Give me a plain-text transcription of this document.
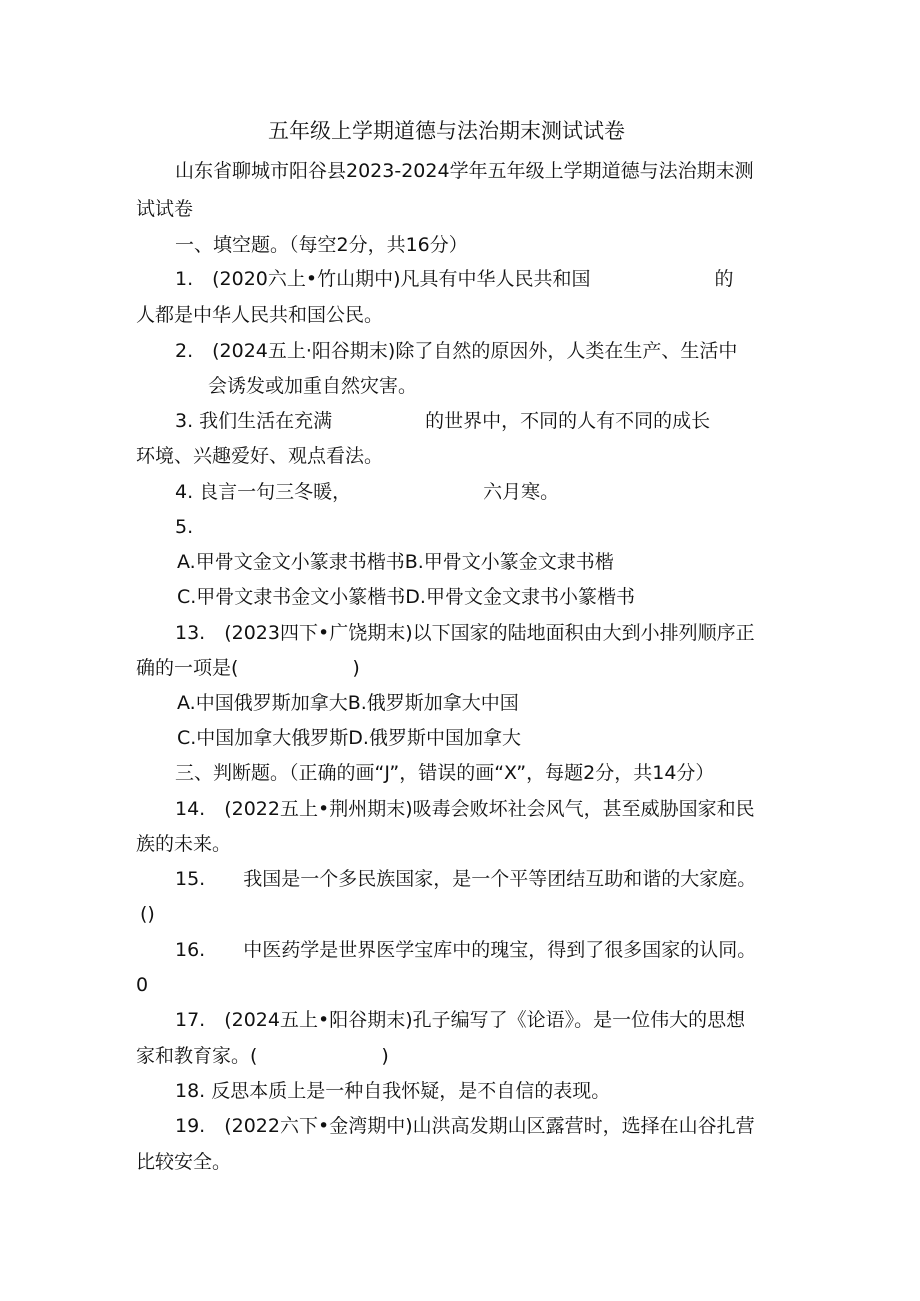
五年级上学期道德与法治期末测试试卷
山东省聊城市阳谷县2023-2024学年五年级上学期道德与法治期末测
试试卷
一、填空题。（每空2分，共16分）
1.　(2020六上•竹山期中)凡具有中华人民共和国	的
人都是中华人民共和国公民。
2.　(2024五上·阳谷期末)除了自然的原因外，人类在生产、生活中
会诱发或加重自然灾害。
3. 我们生活在充满	的世界中，不同的人有不同的成长
环境、兴趣爱好、观点看法。
4. 良言一句三冬暖，	六月寒。
5.
A.甲骨文金文小篆隶书楷书B.甲骨文小篆金文隶书楷
C.甲骨文隶书金文小篆楷书D.甲骨文金文隶书小篆楷书
13.　(2023四下•广饶期末)以下国家的陆地面积由大到小排列顺序正
确的一项是(	)
A.中国俄罗斯加拿大B.俄罗斯加拿大中国
C.中国加拿大俄罗斯D.俄罗斯中国加拿大
三、判断题。（正确的画“J”，错误的画“X”，每题2分，共14分）
14.　(2022五上•荆州期末)吸毒会败坏社会风气，甚至威胁国家和民
族的未来。
15.　　我国是一个多民族国家，是一个平等团结互助和谐的大家庭。
()
16.　　中医药学是世界医学宝库中的瑰宝，得到了很多国家的认同。
0
17.　(2024五上•阳谷期末)孔子编写了《论语》。是一位伟大的思想
家和教育家。(	)
18. 反思本质上是一种自我怀疑，是不自信的表现。
19.　(2022六下•金湾期中)山洪高发期山区露营时，选择在山谷扎营
比较安全。
